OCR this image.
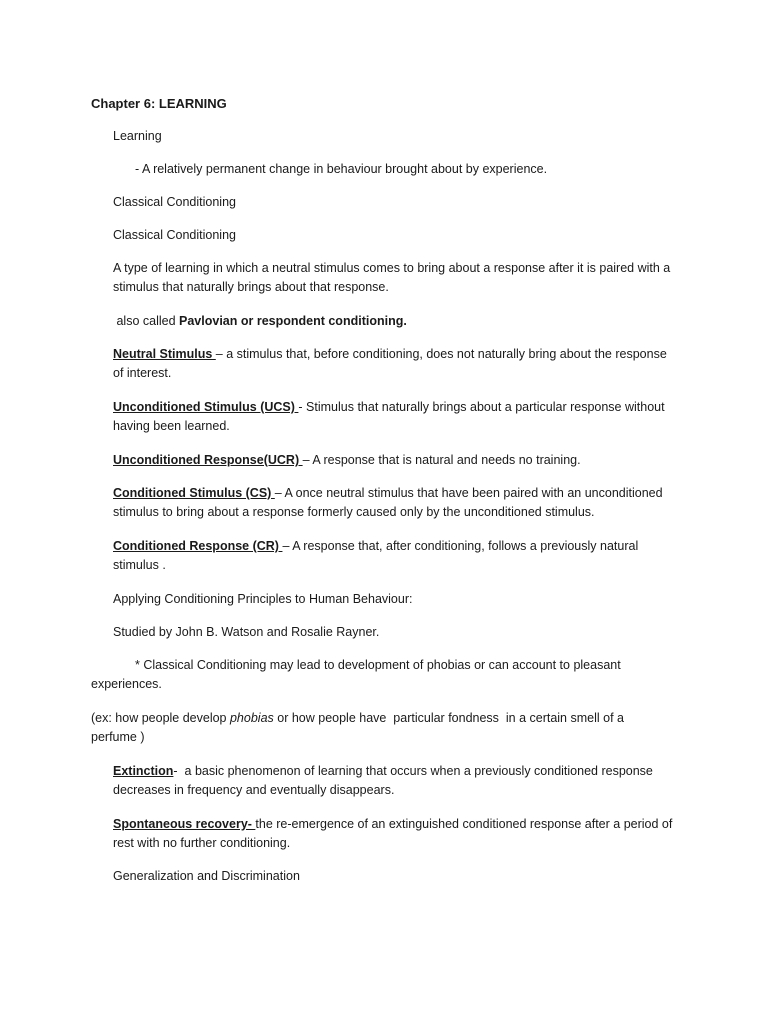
Chapter 6: LEARNING

Learning

- A relatively permanent change in behaviour brought about by experience.

Classical Conditioning

Classical Conditioning

A type of learning in which a neutral stimulus comes to bring about a response after it is paired with a stimulus that naturally brings about that response.

also called Pavlovian or respondent conditioning.

Neutral Stimulus – a stimulus that, before conditioning, does not naturally bring about the response of interest.

Unconditioned Stimulus (UCS) - Stimulus that naturally brings about a particular response without having been learned.

Unconditioned Response(UCR) – A response that is natural and needs no training.

Conditioned Stimulus (CS) – A once neutral stimulus that have been paired with an unconditioned stimulus to bring about a response formerly caused only by the unconditioned stimulus.

Conditioned Response (CR) – A response that, after conditioning, follows a previously natural stimulus .

Applying Conditioning Principles to Human Behaviour:

Studied by John B. Watson and Rosalie Rayner.

* Classical Conditioning may lead to development of phobias or can account to pleasant experiences.

(ex: how people develop phobias or how people have  particular fondness  in a certain smell of a perfume )

Extinction-  a basic phenomenon of learning that occurs when a previously conditioned response decreases in frequency and eventually disappears.

Spontaneous recovery- the re-emergence of an extinguished conditioned response after a period of rest with no further conditioning.

Generalization and Discrimination
